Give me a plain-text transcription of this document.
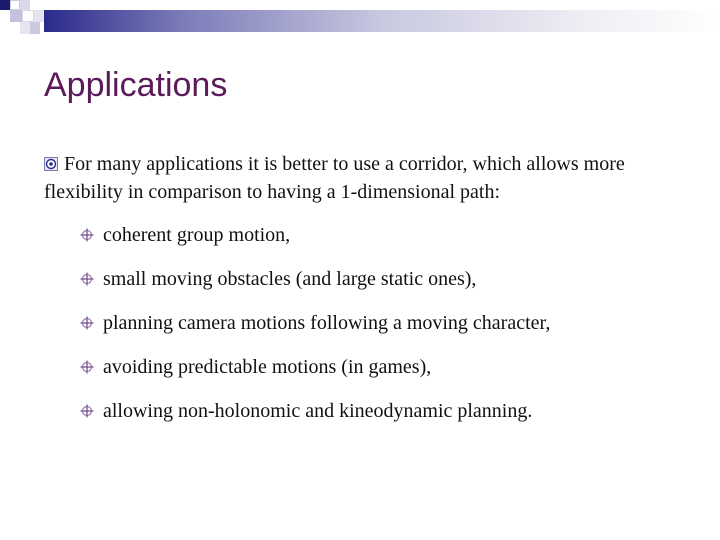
Applications

For many applications it is better to use a corridor, which allows more flexibility in comparison to having a 1-dimensional path:

coherent group motion,
small moving obstacles (and large static ones),
planning camera motions following a moving character,
avoiding predictable motions (in games),
allowing non-holonomic and kineodynamic planning.
